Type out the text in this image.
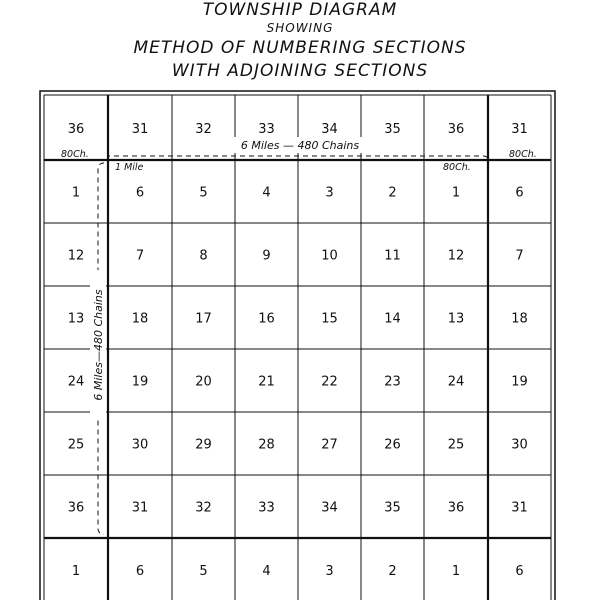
TOWNSHIP DIAGRAM
SHOWING
METHOD OF NUMBERING SECTIONS
WITH ADJOINING SECTIONS
36	31	32	33	34	35	36	31
1	6	5	4	3	2	1	6
12	7	8	9	10	11	12	7
13	18	17	16	15	14	13	18
24	19	20	21	22	23	24	19
25	30	29	28	27	26	25	30
36	31	32	33	34	35	36	31
1	6	5	4	3	2	1	6
6 Miles — 480 Chains
6 Miles—480 Chains
80Ch.	80Ch.
80Ch.
1 Mile
